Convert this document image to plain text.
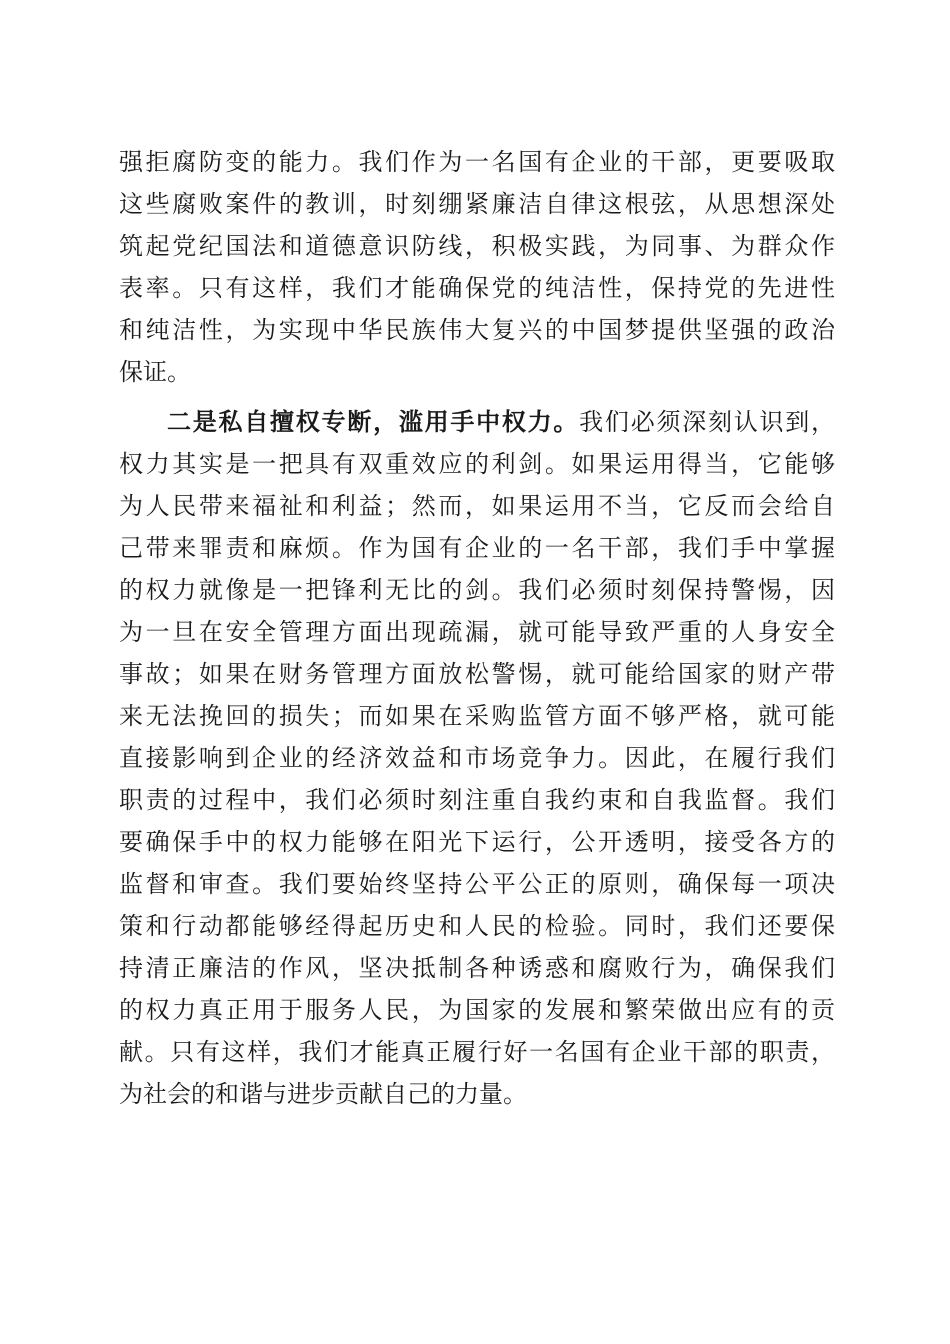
强拒腐防变的能力。我们作为一名国有企业的干部，更要吸取
这些腐败案件的教训，时刻绷紧廉洁自律这根弦，从思想深处
筑起党纪国法和道德意识防线，积极实践，为同事、为群众作
表率。只有这样，我们才能确保党的纯洁性，保持党的先进性
和纯洁性，为实现中华民族伟大复兴的中国梦提供坚强的政治
保证。
二是私自擅权专断，滥用手中权力。我们必须深刻认识到，
权力其实是一把具有双重效应的利剑。如果运用得当，它能够
为人民带来福祉和利益；然而，如果运用不当，它反而会给自
己带来罪责和麻烦。作为国有企业的一名干部，我们手中掌握
的权力就像是一把锋利无比的剑。我们必须时刻保持警惕，因
为一旦在安全管理方面出现疏漏，就可能导致严重的人身安全
事故；如果在财务管理方面放松警惕，就可能给国家的财产带
来无法挽回的损失；而如果在采购监管方面不够严格，就可能
直接影响到企业的经济效益和市场竞争力。因此，在履行我们
职责的过程中，我们必须时刻注重自我约束和自我监督。我们
要确保手中的权力能够在阳光下运行，公开透明，接受各方的
监督和审查。我们要始终坚持公平公正的原则，确保每一项决
策和行动都能够经得起历史和人民的检验。同时，我们还要保
持清正廉洁的作风，坚决抵制各种诱惑和腐败行为，确保我们
的权力真正用于服务人民，为国家的发展和繁荣做出应有的贡
献。只有这样，我们才能真正履行好一名国有企业干部的职责，
为社会的和谐与进步贡献自己的力量。
